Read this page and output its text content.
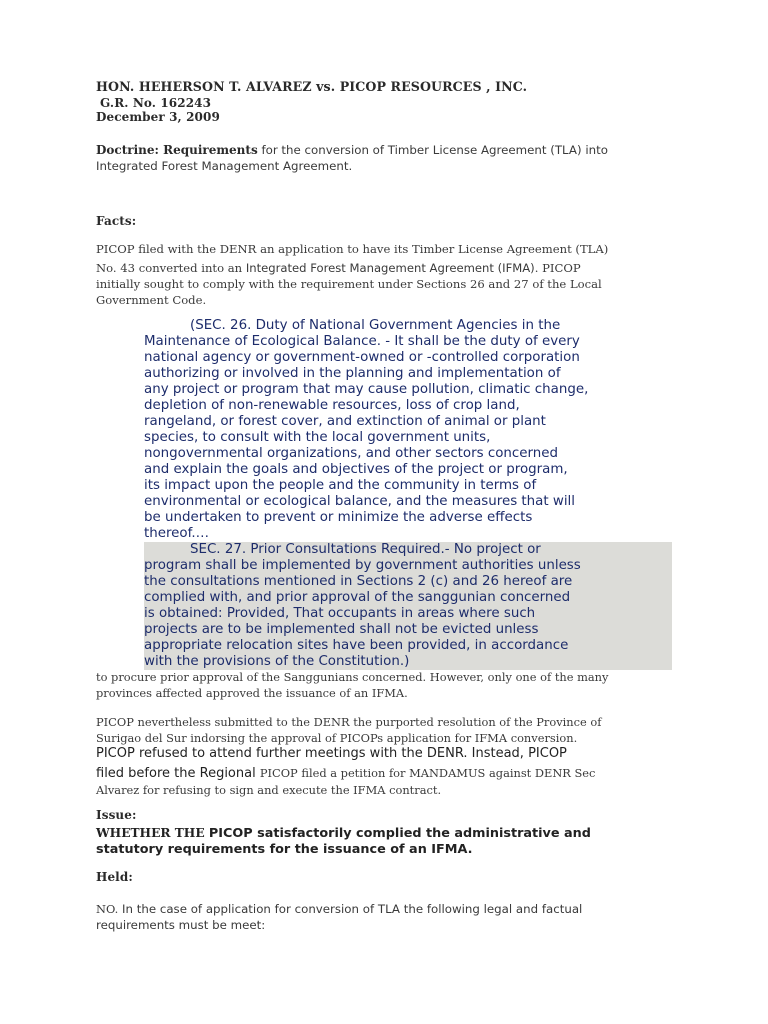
HON. HEHERSON T. ALVAREZ vs. PICOP RESOURCES , INC.

G.R. No. 162243

December 3, 2009

Doctrine: Requirements for the conversion of Timber License Agreement (TLA) into
Integrated Forest Management Agreement.

Facts:

PICOP filed with the DENR an application to have its Timber License Agreement (TLA)
No. 43 converted into an Integrated Forest Management Agreement (IFMA). PICOP
initially sought to comply with the requirement under Sections 26 and 27 of the Local
Government Code.
(SEC. 26. Duty of National Government Agencies in the
Maintenance of Ecological Balance. - It shall be the duty of every
national agency or government-owned or -controlled corporation
authorizing or involved in the planning and implementation of
any project or program that may cause pollution, climatic change,
depletion of non-renewable resources, loss of crop land,
rangeland, or forest cover, and extinction of animal or plant
species, to consult with the local government units,
nongovernmental organizations, and other sectors concerned
and explain the goals and objectives of the project or program,
its impact upon the people and the community in terms of
environmental or ecological balance, and the measures that will
be undertaken to prevent or minimize the adverse effects
thereof.…
SEC. 27. Prior Consultations Required.- No project or
program shall be implemented by government authorities unless
the consultations mentioned in Sections 2 (c) and 26 hereof are
complied with, and prior approval of the sanggunian concerned
is obtained: Provided, That occupants in areas where such
projects are to be implemented shall not be evicted unless
appropriate relocation sites have been provided, in accordance
with the provisions of the Constitution.)
to procure prior approval of the Sanggunians concerned. However, only one of the many
provinces affected approved the issuance of an IFMA.
PICOP nevertheless submitted to the DENR the purported resolution of the Province of
Surigao del Sur indorsing the approval of PICOPs application for IFMA conversion.
PICOP refused to attend further meetings with the DENR. Instead, PICOP
filed before the Regional PICOP filed a petition for MANDAMUS against DENR Sec
Alvarez for refusing to sign and execute the IFMA contract.

Issue:

WHETHER THE PICOP satisfactorily complied the administrative and
statutory requirements for the issuance of an IFMA.

Held:

NO. In the case of application for conversion of TLA the following legal and factual
requirements must be meet:
